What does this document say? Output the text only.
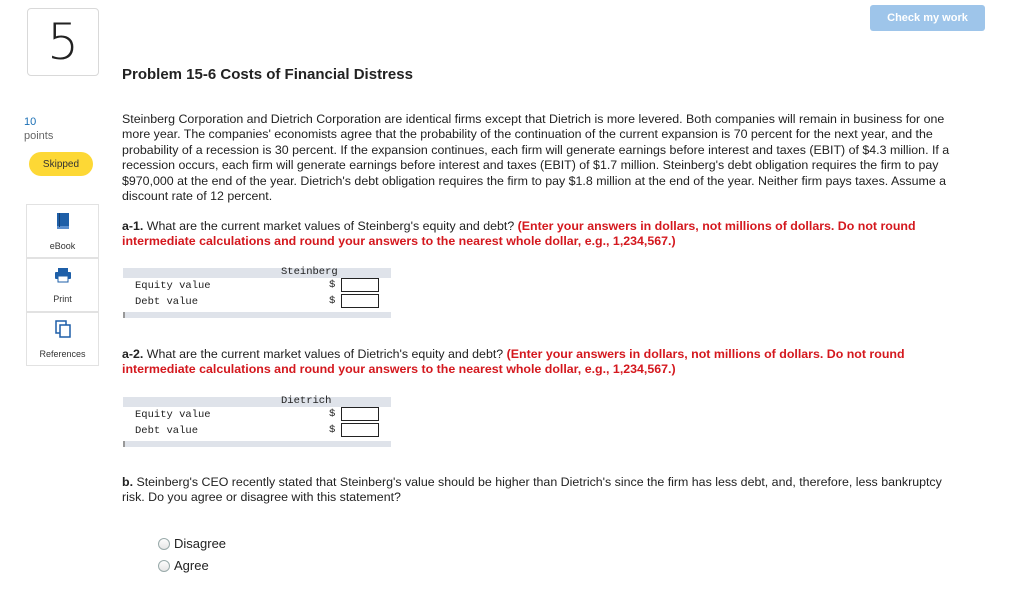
5
10
points
Skipped
eBook
Print
References
Check my work
Problem 15-6 Costs of Financial Distress
Steinberg Corporation and Dietrich Corporation are identical firms except that Dietrich is more levered. Both companies will remain in business for one more year. The companies' economists agree that the probability of the continuation of the current expansion is 70 percent for the next year, and the probability of a recession is 30 percent. If the expansion continues, each firm will generate earnings before interest and taxes (EBIT) of $4.3 million. If a recession occurs, each firm will generate earnings before interest and taxes (EBIT) of $1.7 million. Steinberg's debt obligation requires the firm to pay $970,000 at the end of the year. Dietrich's debt obligation requires the firm to pay $1.8 million at the end of the year. Neither firm pays taxes. Assume a discount rate of 12 percent.
a-1. What are the current market values of Steinberg's equity and debt? (Enter your answers in dollars, not millions of dollars. Do not round intermediate calculations and round your answers to the nearest whole dollar, e.g., 1,234,567.)
Steinberg
Equity value	$
Debt value	$
a-2. What are the current market values of Dietrich's equity and debt? (Enter your answers in dollars, not millions of dollars. Do not round intermediate calculations and round your answers to the nearest whole dollar, e.g., 1,234,567.)
Dietrich
Equity value	$
Debt value	$
b. Steinberg's CEO recently stated that Steinberg's value should be higher than Dietrich's since the firm has less debt, and, therefore, less bankruptcy risk. Do you agree or disagree with this statement?
Disagree
Agree
